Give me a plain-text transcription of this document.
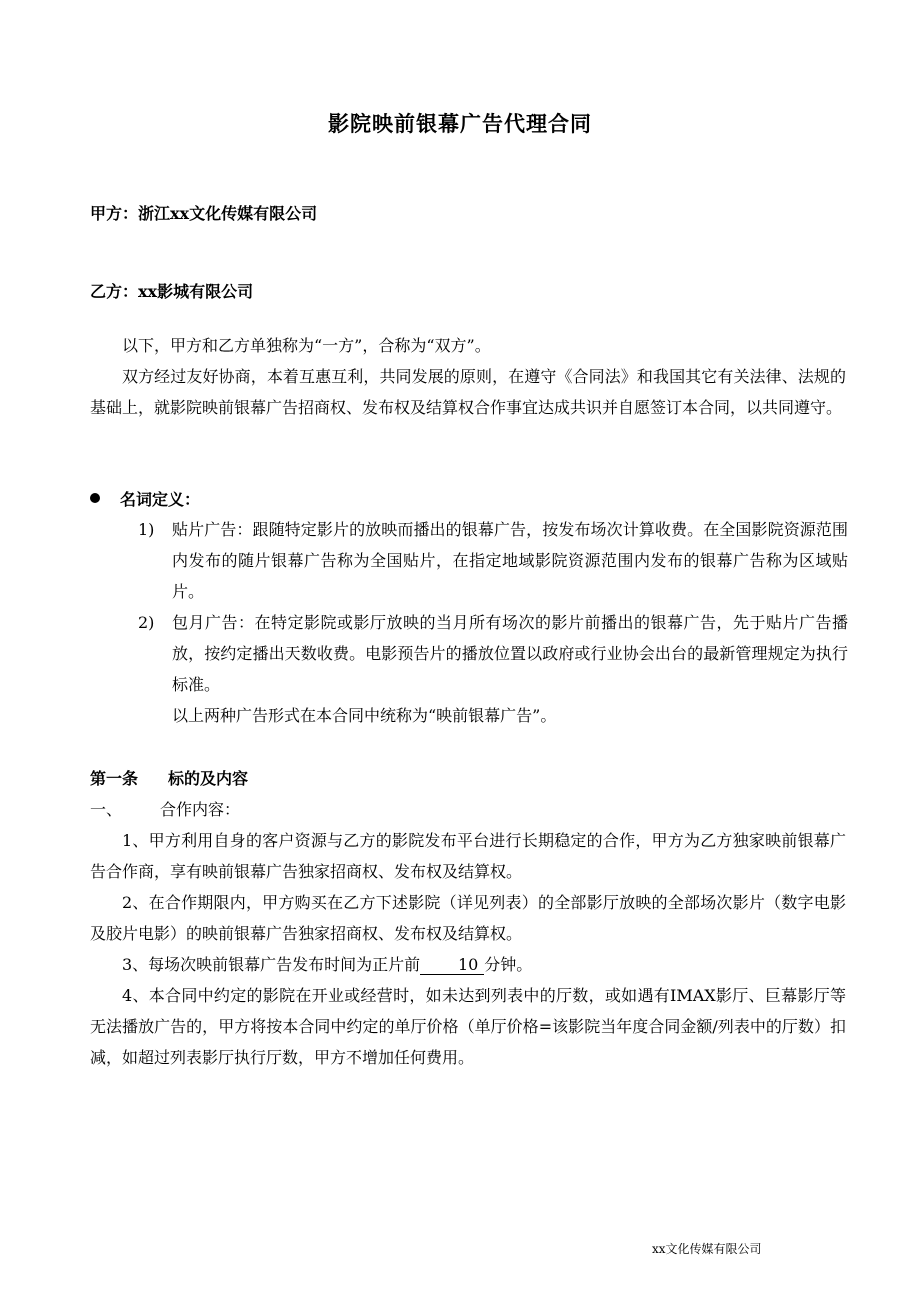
影院映前银幕广告代理合同
甲方：浙江xx文化传媒有限公司
乙方：xx影城有限公司

以下，甲方和乙方单独称为“一方”，合称为“双方”。

双方经过友好协商，本着互惠互利，共同发展的原则，在遵守《合同法》和我国其它有关法律、法规的基础上，就影院映前银幕广告招商权、发布权及结算权合作事宜达成共识并自愿签订本合同，以共同遵守。

名词定义：
1)	贴片广告：跟随特定影片的放映而播出的银幕广告，按发布场次计算收费。在全国影院资源范围内发布的随片银幕广告称为全国贴片，在指定地域影院资源范围内发布的银幕广告称为区域贴片。
2)	包月广告：在特定影院或影厅放映的当月所有场次的影片前播出的银幕广告，先于贴片广告播放，按约定播出天数收费。电影预告片的播放位置以政府或行业协会出台的最新管理规定为执行标准。
以上两种广告形式在本合同中统称为“映前银幕广告”。
第一条 标的及内容
一、 合作内容：

1、甲方利用自身的客户资源与乙方的影院发布平台进行长期稳定的合作，甲方为乙方独家映前银幕广告合作商，享有映前银幕广告独家招商权、发布权及结算权。

2、在合作期限内，甲方购买在乙方下述影院（详见列表）的全部影厅放映的全部场次影片（数字电影及胶片电影）的映前银幕广告独家招商权、发布权及结算权。

3、每场次映前银幕广告发布时间为正片前 10 分钟。

4、本合同中约定的影院在开业或经营时，如未达到列表中的厅数，或如遇有IMAX影厅、巨幕影厅等无法播放广告的，甲方将按本合同中约定的单厅价格（单厅价格=该影院当年度合同金额/列表中的厅数）扣减，如超过列表影厅执行厅数，甲方不增加任何费用。

xx文化传媒有限公司
